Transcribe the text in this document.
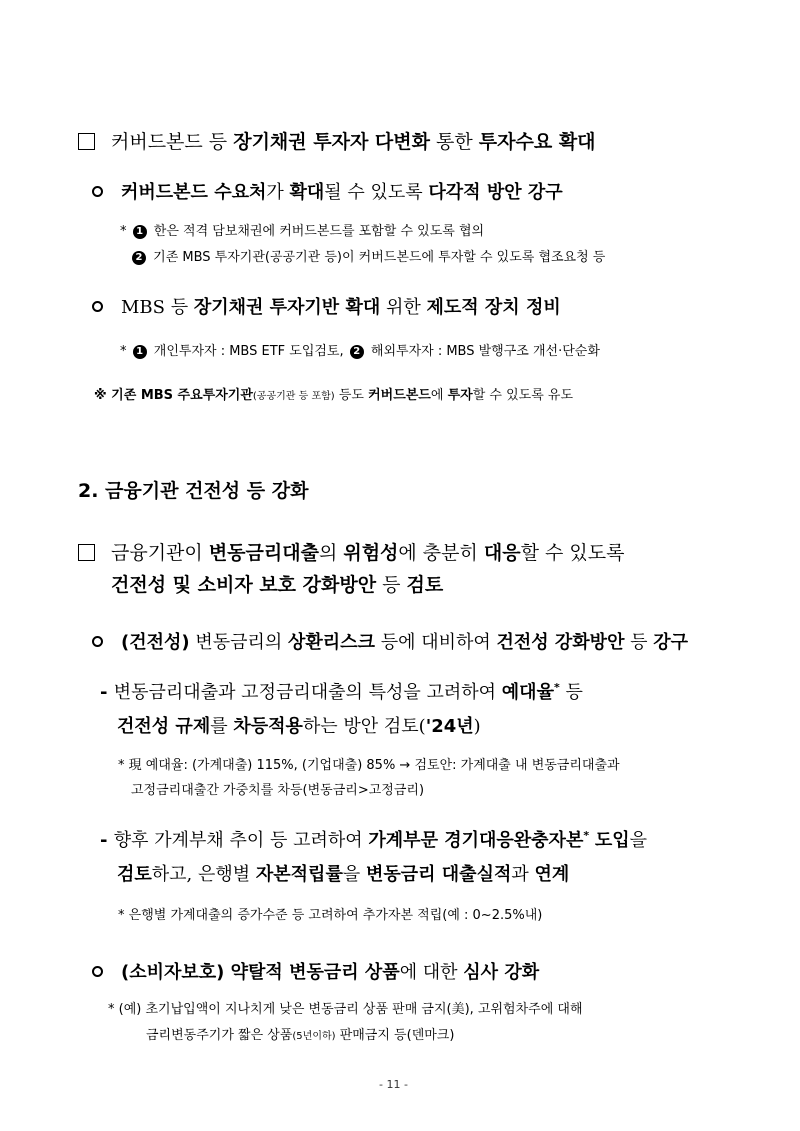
커버드본드 등 장기채권 투자자 다변화 통한 투자수요 확대
커버드본드 수요처가 확대될 수 있도록 다각적 방안 강구
* 1 한은 적격 담보채권에 커버드본드를 포함할 수 있도록 협의
2 기존 MBS 투자기관(공공기관 등)이 커버드본드에 투자할 수 있도록 협조요청 등
MBS 등 장기채권 투자기반 확대 위한 제도적 장치 정비
* 1 개인투자자 : MBS ETF 도입검토, 2 해외투자자 : MBS 발행구조 개선·단순화
※ 기존 MBS 주요투자기관(공공기관 등 포함) 등도 커버드본드에 투자할 수 있도록 유도
2. 금융기관 건전성 등 강화
금융기관이 변동금리대출의 위험성에 충분히 대응할 수 있도록
건전성 및 소비자 보호 강화방안 등 검토
(건전성) 변동금리의 상환리스크 등에 대비하여 건전성 강화방안 등 강구
- 변동금리대출과 고정금리대출의 특성을 고려하여 예대율* 등
건전성 규제를 차등적용하는 방안 검토('24년)
* 現 예대율: (가계대출) 115%, (기업대출) 85% → 검토안: 가계대출 내 변동금리대출과
고정금리대출간 가중치를 차등(변동금리>고정금리)
- 향후 가계부채 추이 등 고려하여 가계부문 경기대응완충자본* 도입을
검토하고, 은행별 자본적립률을 변동금리 대출실적과 연계
* 은행별 가계대출의 증가수준 등 고려하여 추가자본 적립(예 : 0~2.5%내)
(소비자보호) 약탈적 변동금리 상품에 대한 심사 강화
* (예) 초기납입액이 지나치게 낮은 변동금리 상품 판매 금지(美), 고위험차주에 대해
금리변동주기가 짧은 상품(5년이하) 판매금지 등(덴마크)
- 11 -
